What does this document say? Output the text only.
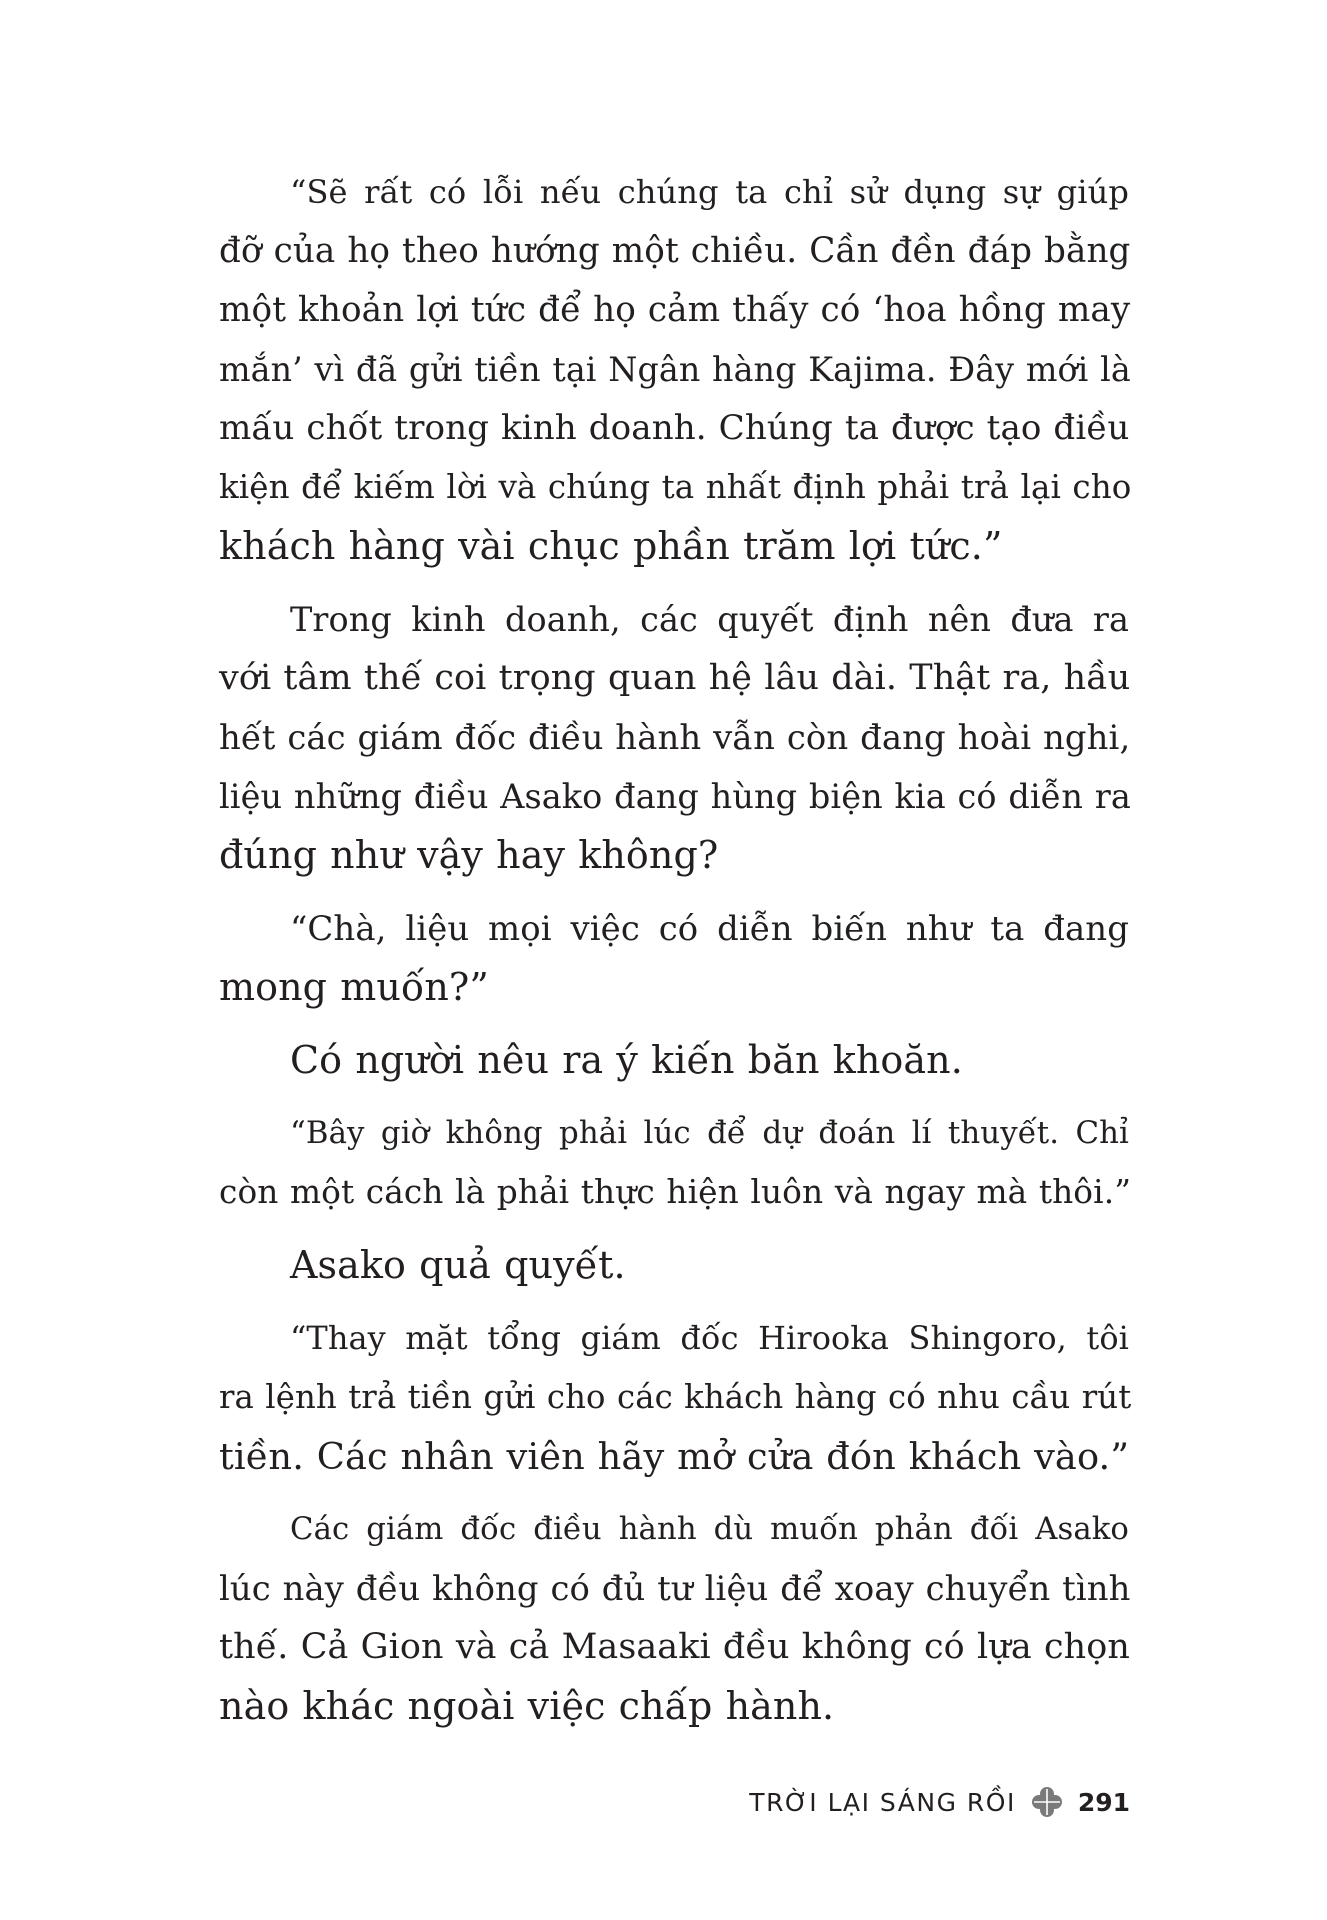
“Sẽ rất có lỗi nếu chúng ta chỉ sử dụng sự giúp
đỡ của họ theo hướng một chiều. Cần đền đáp bằng
một khoản lợi tức để họ cảm thấy có ‘hoa hồng may
mắn’ vì đã gửi tiền tại Ngân hàng Kajima. Đây mới là
mấu chốt trong kinh doanh. Chúng ta được tạo điều
kiện để kiếm lời và chúng ta nhất định phải trả lại cho
khách hàng vài chục phần trăm lợi tức.”

Trong kinh doanh, các quyết định nên đưa ra
với tâm thế coi trọng quan hệ lâu dài. Thật ra, hầu
hết các giám đốc điều hành vẫn còn đang hoài nghi,
liệu những điều Asako đang hùng biện kia có diễn ra
đúng như vậy hay không?

“Chà, liệu mọi việc có diễn biến như ta đang
mong muốn?”

Có người nêu ra ý kiến băn khoăn.

“Bây giờ không phải lúc để dự đoán lí thuyết. Chỉ
còn một cách là phải thực hiện luôn và ngay mà thôi.”

Asako quả quyết.

“Thay mặt tổng giám đốc Hirooka Shingoro, tôi
ra lệnh trả tiền gửi cho các khách hàng có nhu cầu rút
tiền. Các nhân viên hãy mở cửa đón khách vào.”

Các giám đốc điều hành dù muốn phản đối Asako
lúc này đều không có đủ tư liệu để xoay chuyển tình
thế. Cả Gion và cả Masaaki đều không có lựa chọn
nào khác ngoài việc chấp hành.

TRỜI LẠI SÁNG RỒI 291
